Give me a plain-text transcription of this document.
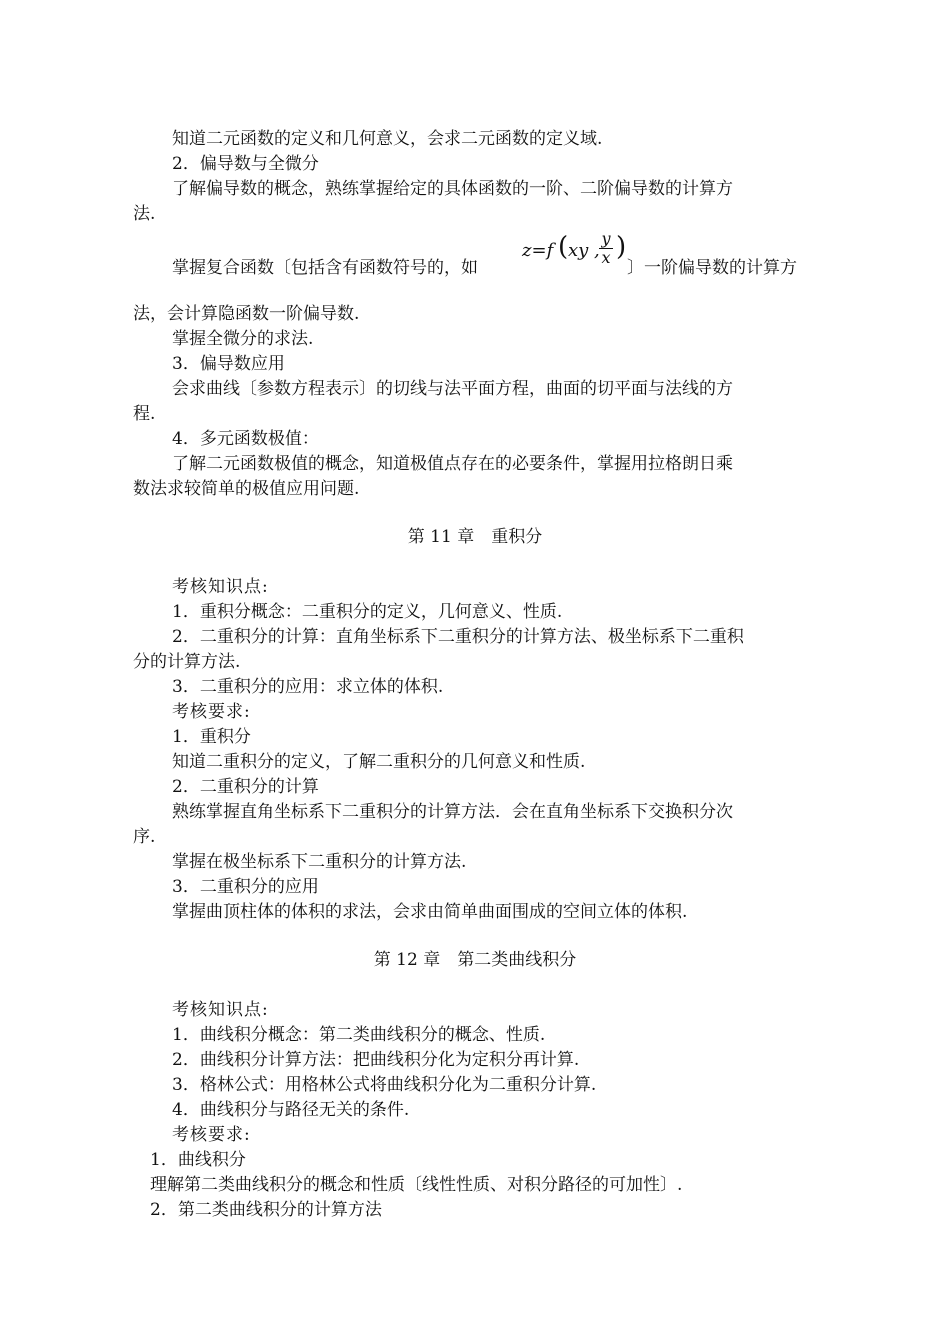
知道二元函数的定义和几何意义，会求二元函数的定义域.
2．偏导数与全微分
了解偏导数的概念，熟练掌握给定的具体函数的一阶、二阶偏导数的计算方
法.
掌握复合函数〔包括含有函数符号的，如
z=f ( xy ,
y
x )
〕一阶偏导数的计算方
法，会计算隐函数一阶偏导数.
掌握全微分的求法.
3．偏导数应用
会求曲线〔参数方程表示〕的切线与法平面方程，曲面的切平面与法线的方
程.
4．多元函数极值：
了解二元函数极值的概念，知道极值点存在的必要条件，掌握用拉格朗日乘
数法求较简单的极值应用问题.
第 11 章　重积分
考核知识点:
1．重积分概念：二重积分的定义，几何意义、性质.
2．二重积分的计算：直角坐标系下二重积分的计算方法、极坐标系下二重积
分的计算方法.
3．二重积分的应用：求立体的体积.
考核要求:
1．重积分
知道二重积分的定义，了解二重积分的几何意义和性质.
2．二重积分的计算
熟练掌握直角坐标系下二重积分的计算方法．会在直角坐标系下交换积分次
序.
掌握在极坐标系下二重积分的计算方法.
3．二重积分的应用
掌握曲顶柱体的体积的求法，会求由简单曲面围成的空间立体的体积.
第 12 章　第二类曲线积分
考核知识点:
1．曲线积分概念：第二类曲线积分的概念、性质.
2．曲线积分计算方法：把曲线积分化为定积分再计算.
3．格林公式：用格林公式将曲线积分化为二重积分计算.
4．曲线积分与路径无关的条件.
考核要求:
1．曲线积分
理解第二类曲线积分的概念和性质〔线性性质、对积分路径的可加性〕.
2．第二类曲线积分的计算方法
